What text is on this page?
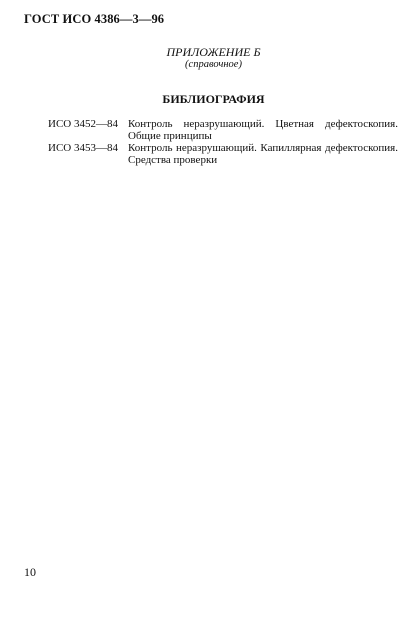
ГОСТ ИСО 4386—3—96
ПРИЛОЖЕНИЕ Б
(справочное)
БИБЛИОГРАФИЯ
ИСО 3452—84 Контроль неразрушающий. Цветная дефектоскопия.
Общие принципы
ИСО 3453—84 Контроль неразрушающий. Капиллярная дефектоскопия.
Средства проверки
10
